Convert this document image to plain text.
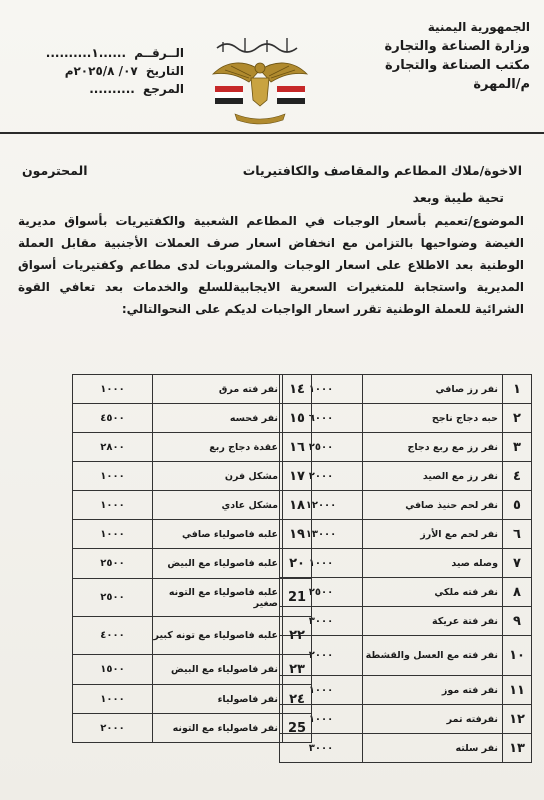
الجمهورية اليمنية
وزارة الصناعة والتجارة
مكتب الصناعة والتجارة
م/المهرة
الــرقــم ......١..........
التاريخ ٠٧/ ٢٠٢٥/٨م
المرجع ..........
الاخوة/ملاك المطاعم والمقاصف والكافتيريات
المحترمون
تحية طيبة وبعد
الموضوع/تعميم بأسعار الوجبات في المطاعم الشعبية والكفتيريات بأسواق مديرية الغيضة وضواحيها بالتزامن مع انخفاض اسعار صرف العملات الأجنبية مقابل العملة الوطنية بعد الاطلاع على اسعار الوجبات والمشروبات لدى مطاعم وكفتيريات أسواق المديرية واستجابة للمتغيرات السعرية الايجابيةللسلع والخدمات بعد تعافي القوة الشرائية للعملة الوطنية تقرر اسعار الواجبات لديكم على النحوالتالي:
١	نفر رز صافي	١٠٠٠
٢	حبه دجاج ناجح	٦٠٠٠
٣	نفر رز مع ربع دجاج	٢٥٠٠
٤	نفر رز مع الصيد	٢٠٠٠
٥	نفر لحم حنيذ صافي	١٢٠٠٠
٦	نفر لحم مع الأرز	١٣٠٠٠
٧	وصله صيد	١٠٠٠
٨	نفر فته ملكي	٢٥٠٠
٩	نفر فتة عريكة	٣٠٠٠
١٠	نفر فته مع العسل والقشطة	٢٠٠٠
١١	نفر فته موز	١٠٠٠
١٢	نفرفته تمر	١٠٠٠
١٣	نفر سلته	٣٠٠٠
١٤	نفر فته مرق	١٠٠٠
١٥	نفر فحسه	٤٥٠٠
١٦	عقدة دجاج ربع	٢٨٠٠
١٧	مشكل فرن	١٠٠٠
١٨	مشكل عادي	١٠٠٠
١٩	علبه فاصولياء صافي	١٠٠٠
٢٠	علبه فاصولياء مع البيض	٢٥٠٠
21	علبه فاصولياء مع التونه صغير	٢٥٠٠
٢٢	علبه فاصولياء مع تونه كبير	٤٠٠٠
٢٣	نفر فاصولياء مع البيض	١٥٠٠
٢٤	نفر فاصولياء	١٠٠٠
25	نفر فاصولياء مع التونه	٢٠٠٠
